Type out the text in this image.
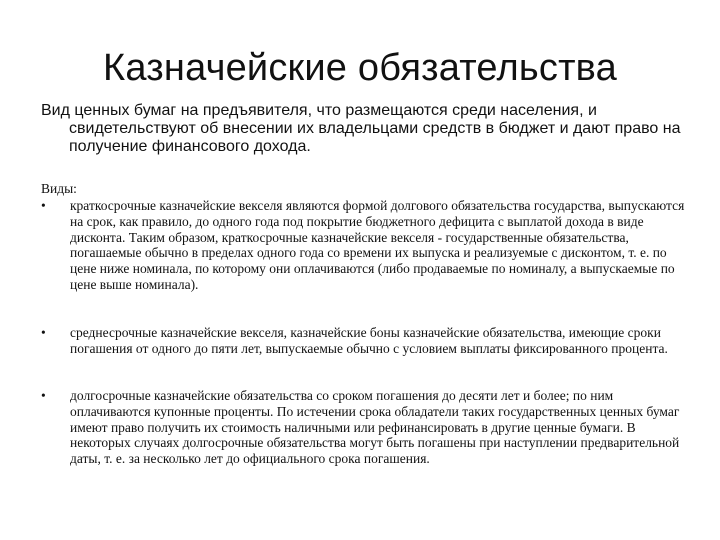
Казначейские обязательства
Вид ценных бумаг на предъявителя, что размещаются среди населения, и свидетельствуют об внесении их владельцами средств в бюджет и дают право на получение финансового дохода.
Виды:
•	краткосрочные казначейские векселя являются формой долгового обязательства государства, выпускаются на срок, как правило, до одного года под покрытие бюджетного дефицита с выплатой дохода в виде дисконта. Таким образом, краткосрочные казначейские векселя - государственные обязательства, погашаемые обычно в пределах одного года со времени их выпуска и реализуемые с дисконтом, т. е. по цене ниже номинала, по которому они оплачиваются (либо продаваемые по номиналу, а выпускаемые по цене выше номинала).
•	среднесрочные казначейские векселя, казначейские боны казначейские обязательства, имеющие сроки погашения от одного до пяти лет, выпускаемые обычно с условием выплаты фиксированного процента.
•	долгосрочные казначейские обязательства со сроком погашения до десяти лет и более; по ним оплачиваются купонные проценты. По истечении срока обладатели таких государственных ценных бумаг имеют право получить их стоимость наличными или рефинансировать в другие ценные бумаги. В некоторых случаях долгосрочные обязательства могут быть погашены при наступлении предварительной даты, т. е. за несколько лет до официального срока погашения.
